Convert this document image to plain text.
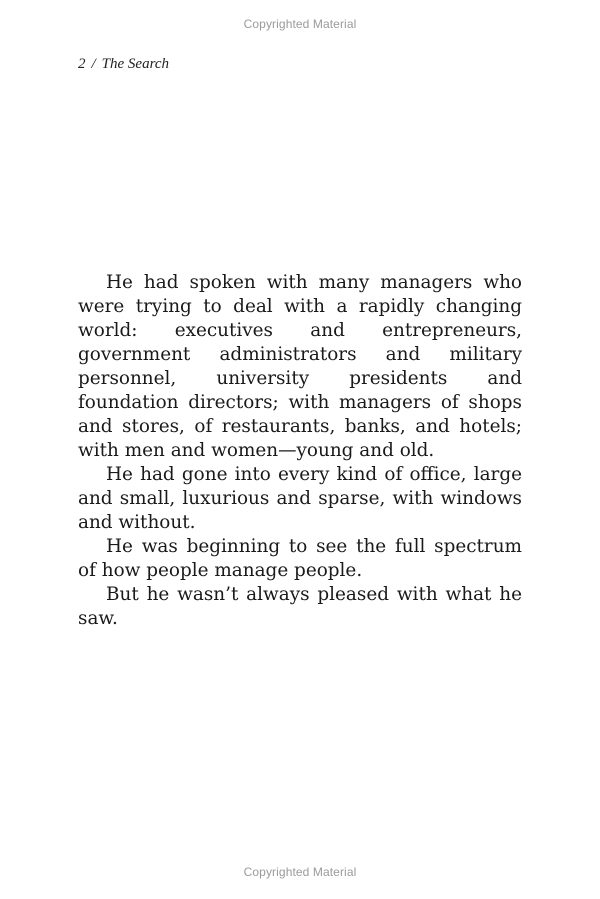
Copyrighted Material
2 / The Search

He had spoken with many managers who were trying to deal with a rapidly changing world: executives and entrepreneurs, government administrators and military personnel, university presidents and foundation directors; with managers of shops and stores, of restaurants, banks, and hotels; with men and women—young and old.

He had gone into every kind of office, large and small, luxurious and sparse, with windows and without.

He was beginning to see the full spectrum of how people manage people.

But he wasn’t always pleased with what he saw.

Copyrighted Material
